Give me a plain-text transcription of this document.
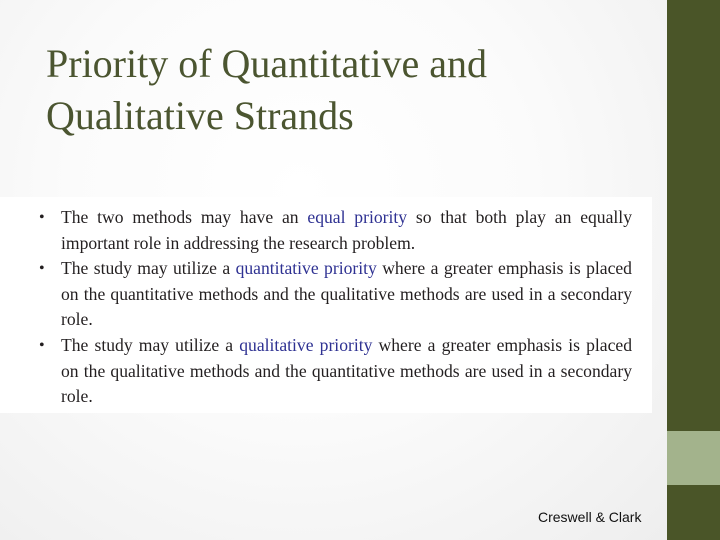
Priority of Quantitative and
Qualitative Strands
• The two methods may have an equal priority so that both play an equally important role in addressing the research problem.
• The study may utilize a quantitative priority where a greater emphasis is placed on the quantitative methods and the qualitative methods are used in a secondary role.
• The study may utilize a qualitative priority where a greater emphasis is placed on the qualitative methods and the quantitative methods are used in a secondary role.

Creswell & Clark
